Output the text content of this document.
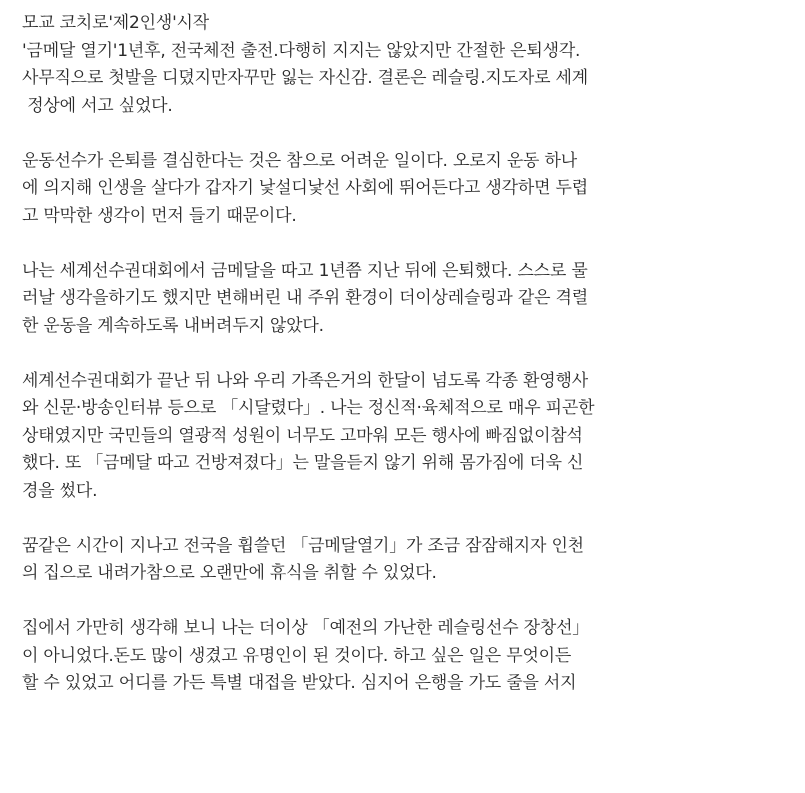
모교 코치로'제2인생'시작
'금메달 열기'1년후, 전국체전 출전.다행히 지지는 않았지만 간절한 은퇴생각.
사무직으로 첫발을 디뎠지만자꾸만 잃는 자신감. 결론은 레슬링.지도자로 세계
정상에 서고 싶었다.
운동선수가 은퇴를 결심한다는 것은 참으로 어려운 일이다. 오로지 운동 하나
에 의지해 인생을 살다가 갑자기 낯설디낯선 사회에 뛰어든다고 생각하면 두렵
고 막막한 생각이 먼저 들기 때문이다.
나는 세계선수권대회에서 금메달을 따고 1년쯤 지난 뒤에 은퇴했다. 스스로 물
러날 생각을하기도 했지만 변해버린 내 주위 환경이 더이상레슬링과 같은 격렬
한 운동을 계속하도록 내버려두지 않았다.
세계선수권대회가 끝난 뒤 나와 우리 가족은거의 한달이 넘도록 각종 환영행사
와 신문·방송인터뷰 등으로 「시달렸다」. 나는 정신적·육체적으로 매우 피곤한
상태였지만 국민들의 열광적 성원이 너무도 고마워 모든 행사에 빠짐없이참석
했다. 또 「금메달 따고 건방져졌다」는 말을듣지 않기 위해 몸가짐에 더욱 신
경을 썼다.
꿈같은 시간이 지나고 전국을 휩쓸던 「금메달열기」가 조금 잠잠해지자 인천
의 집으로 내려가참으로 오랜만에 휴식을 취할 수 있었다.
집에서 가만히 생각해 보니 나는 더이상 「예전의 가난한 레슬링선수 장창선」
이 아니었다.돈도 많이 생겼고 유명인이 된 것이다. 하고 싶은 일은 무엇이든
할 수 있었고 어디를 가든 특별 대접을 받았다. 심지어 은행을 가도 줄을 서지
